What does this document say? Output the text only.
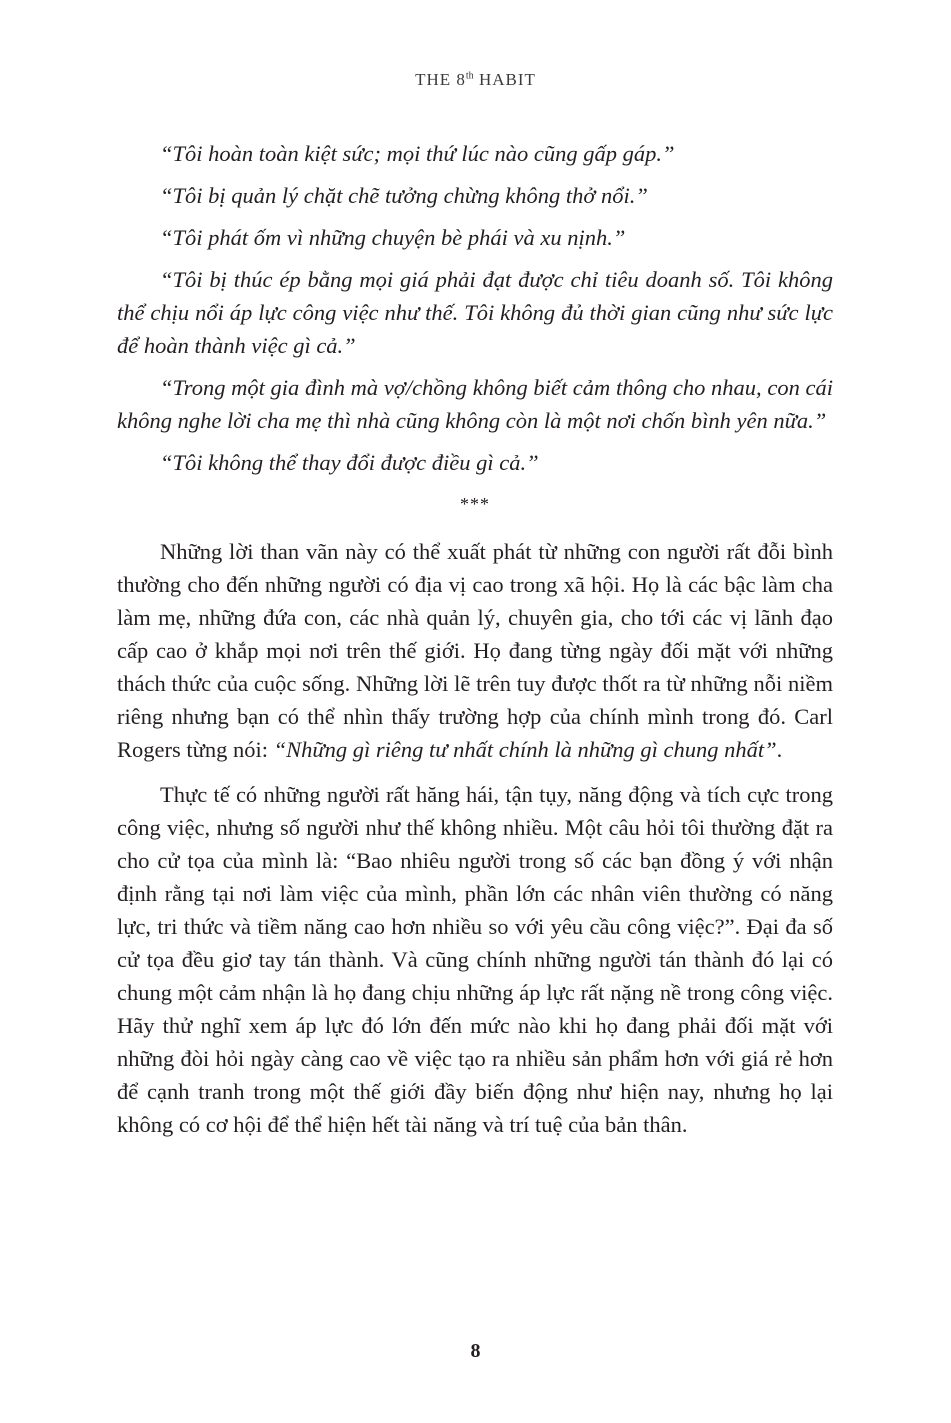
THE 8th HABIT

“Tôi hoàn toàn kiệt sức; mọi thứ lúc nào cũng gấp gáp.”

“Tôi bị quản lý chặt chẽ tưởng chừng không thở nổi.”

“Tôi phát ốm vì những chuyện bè phái và xu nịnh.”

“Tôi bị thúc ép bằng mọi giá phải đạt được chỉ tiêu doanh số. Tôi không thể chịu nổi áp lực công việc như thế. Tôi không đủ thời gian cũng như sức lực để hoàn thành việc gì cả.”

“Trong một gia đình mà vợ/chồng không biết cảm thông cho nhau, con cái không nghe lời cha mẹ thì nhà cũng không còn là một nơi chốn bình yên nữa.”

“Tôi không thể thay đổi được điều gì cả.”

***

Những lời than vãn này có thể xuất phát từ những con người rất đỗi bình thường cho đến những người có địa vị cao trong xã hội. Họ là các bậc làm cha làm mẹ, những đứa con, các nhà quản lý, chuyên gia, cho tới các vị lãnh đạo cấp cao ở khắp mọi nơi trên thế giới. Họ đang từng ngày đối mặt với những thách thức của cuộc sống. Những lời lẽ trên tuy được thốt ra từ những nỗi niềm riêng nhưng bạn có thể nhìn thấy trường hợp của chính mình trong đó. Carl Rogers từng nói: “Những gì riêng tư nhất chính là những gì chung nhất”.

Thực tế có những người rất hăng hái, tận tụy, năng động và tích cực trong công việc, nhưng số người như thế không nhiều. Một câu hỏi tôi thường đặt ra cho cử tọa của mình là: “Bao nhiêu người trong số các bạn đồng ý với nhận định rằng tại nơi làm việc của mình, phần lớn các nhân viên thường có năng lực, tri thức và tiềm năng cao hơn nhiều so với yêu cầu công việc?”. Đại đa số cử tọa đều giơ tay tán thành. Và cũng chính những người tán thành đó lại có chung một cảm nhận là họ đang chịu những áp lực rất nặng nề trong công việc. Hãy thử nghĩ xem áp lực đó lớn đến mức nào khi họ đang phải đối mặt với những đòi hỏi ngày càng cao về việc tạo ra nhiều sản phẩm hơn với giá rẻ hơn để cạnh tranh trong một thế giới đầy biến động như hiện nay, nhưng họ lại không có cơ hội để thể hiện hết tài năng và trí tuệ của bản thân.

8
